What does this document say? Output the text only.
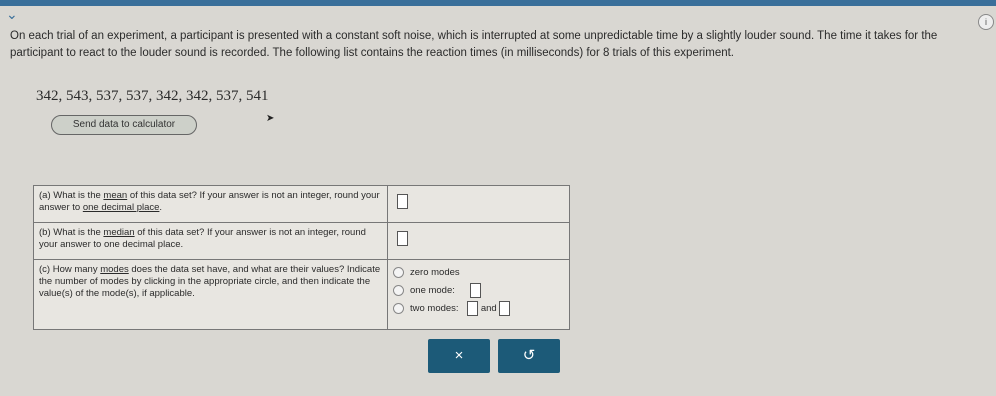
⌄	i
On each trial of an experiment, a participant is presented with a constant soft noise, which is interrupted at some unpredictable time by a slightly louder sound. The time it takes for the participant to react to the louder sound is recorded. The following list contains the reaction times (in milliseconds) for 8 trials of this experiment.
342, 543, 537, 537, 342, 342, 537, 541
Send data to calculator
➤
(a) What is the mean of this data set? If your answer is not an integer, round your answer to one decimal place.	
(b) What is the median of this data set? If your answer is not an integer, round your answer to one decimal place.	
(c) How many modes does the data set have, and what are their values? Indicate the number of modes by clicking in the appropriate circle, and then indicate the value(s) of the mode(s), if applicable.	zero modes
one mode:
two modes: and
×	↺
